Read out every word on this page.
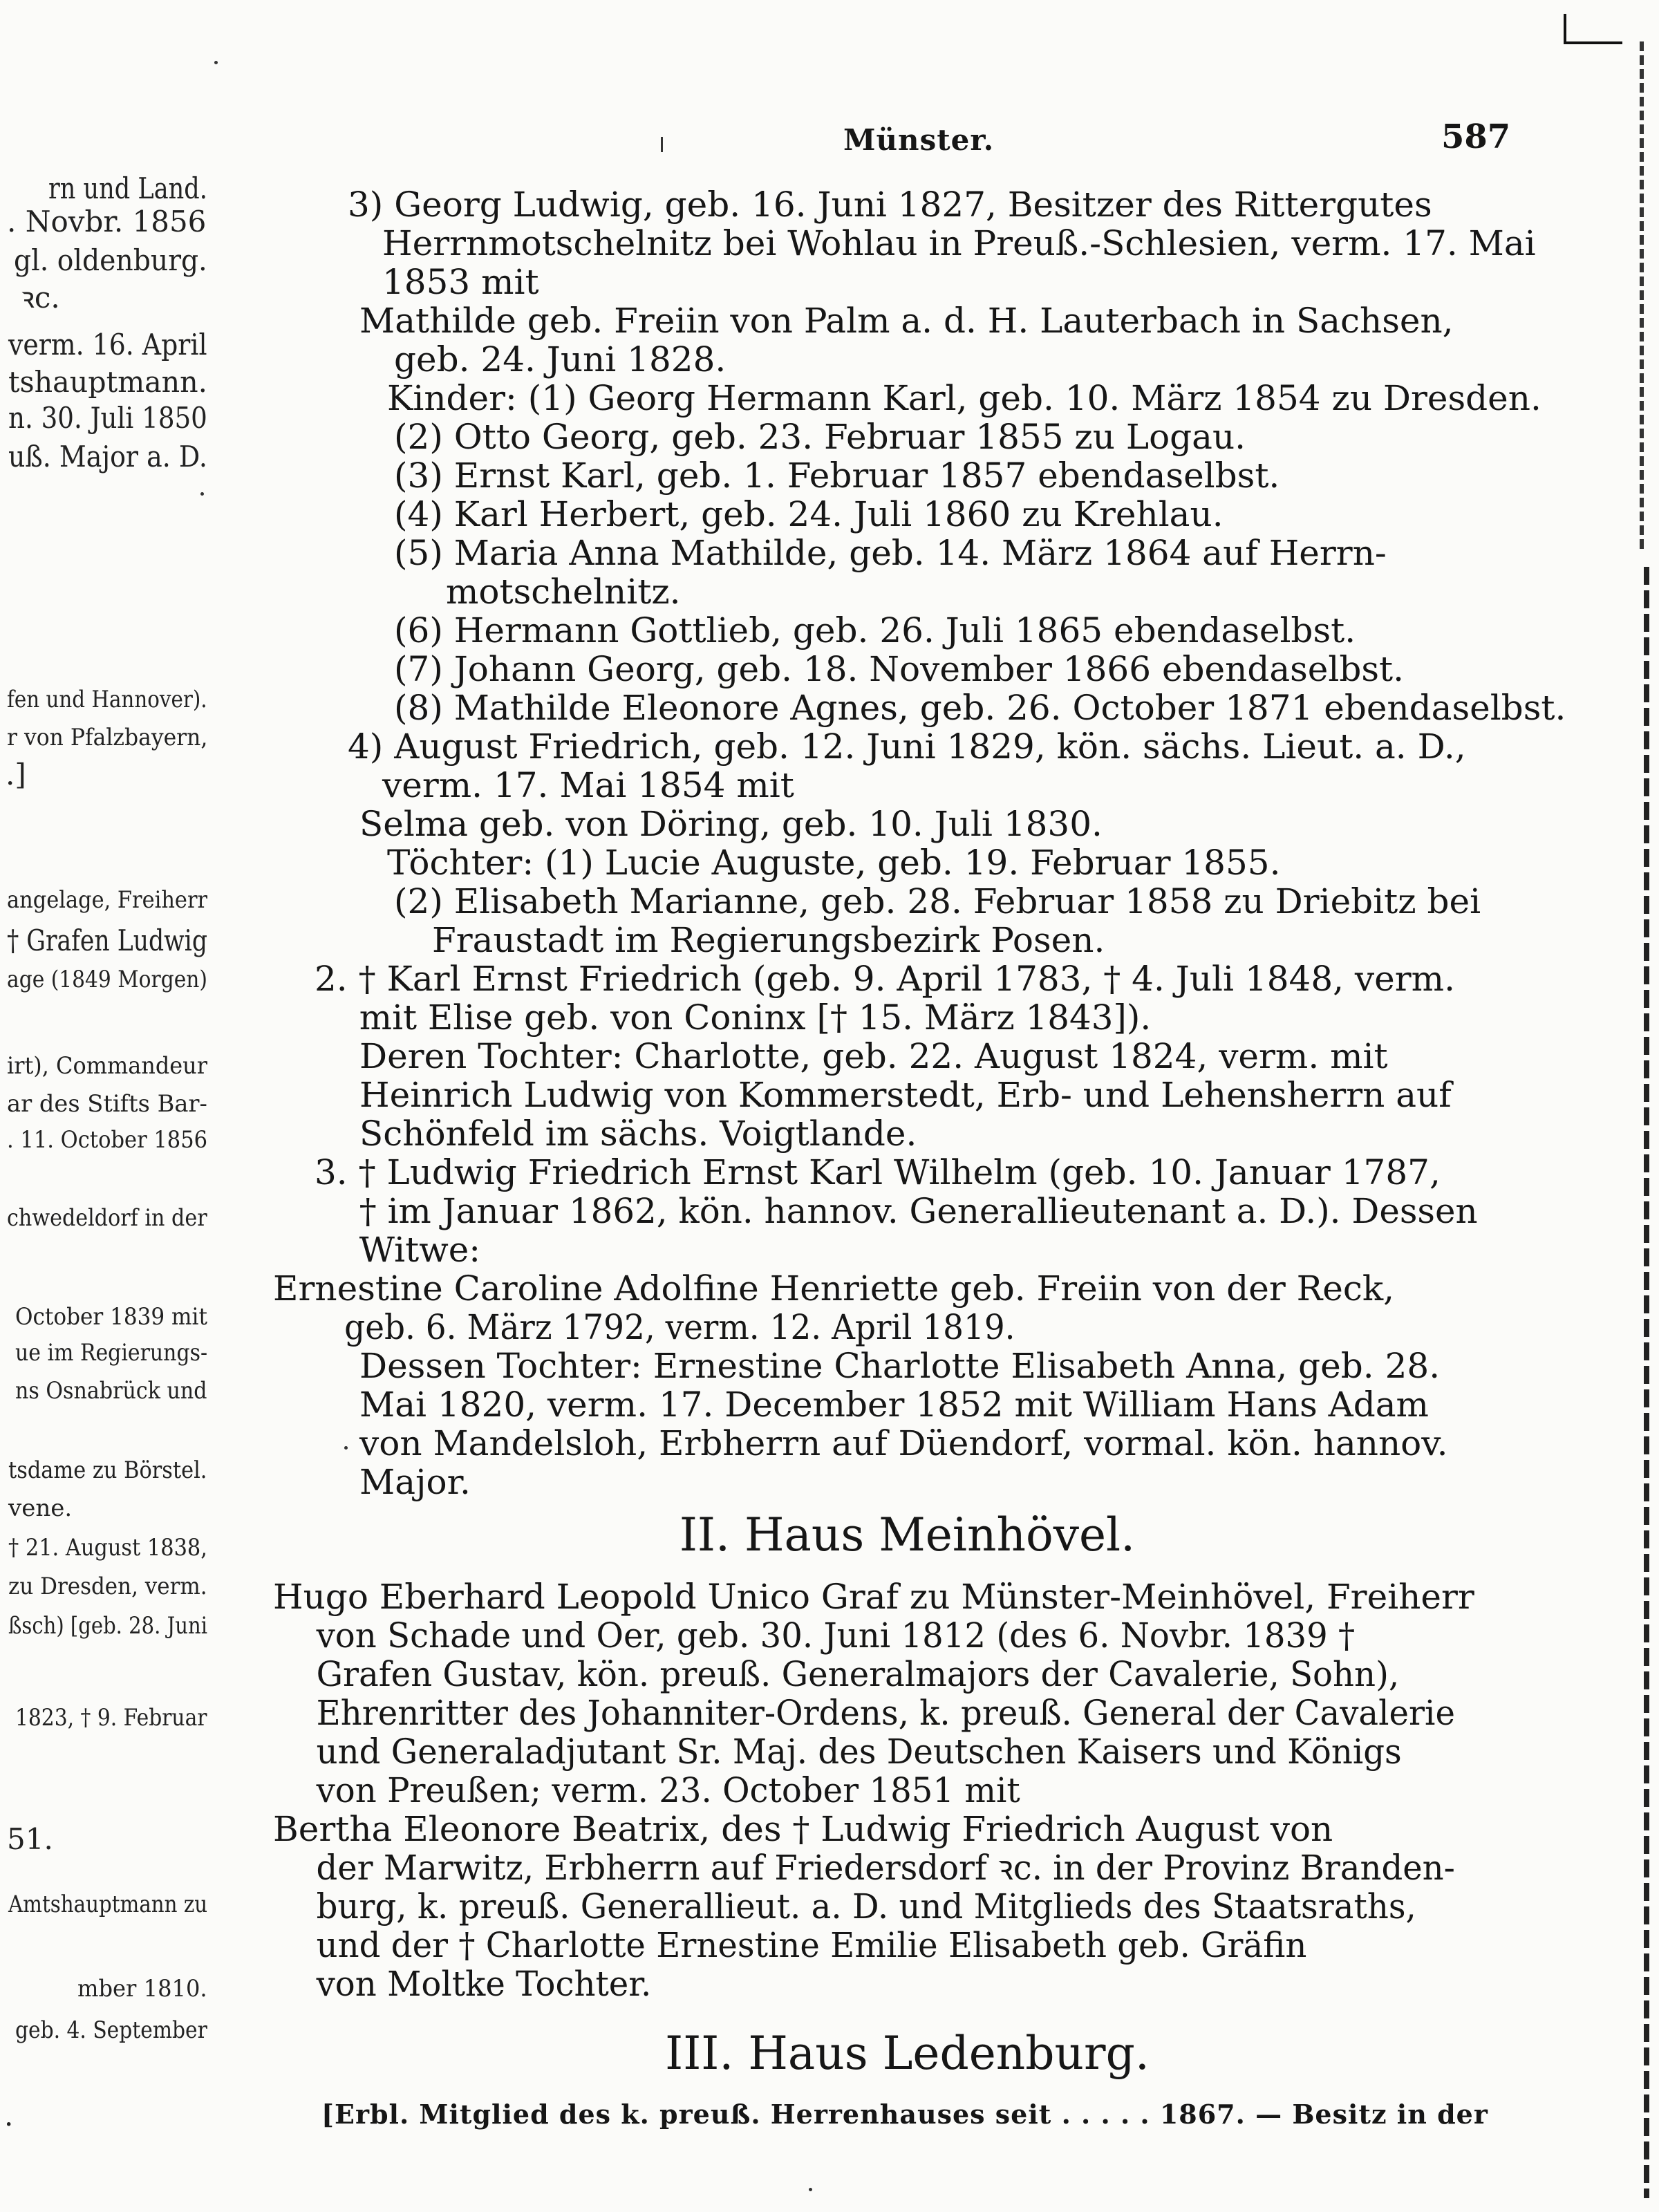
rn und Land.
. Novbr. 1856
gl. oldenburg.
ꝛc.
verm. 16. April
tshauptmann.
n. 30. Juli 1850
uß. Major a. D.
fen und Hannover).
r von Pfalzbayern,
.]
angelage, Freiherr
† Grafen Ludwig
age (1849 Morgen)
irt), Commandeur
ar des Stifts Bar-
. 11. October 1856
chwedeldorf in der
October 1839 mit
ue im Regierungs-
ns Osnabrück und
tsdame zu Börstel.
vene.
† 21. August 1838,
zu Dresden, verm.
ßsch) [geb. 28. Juni
1823, † 9. Februar
51.
Amtshauptmann zu
mber 1810.
geb. 4. September
.
Münster.	587
3) Georg Ludwig, geb. 16. Juni 1827, Besitzer des Rittergutes
Herrnmotschelnitz bei Wohlau in Preuß.-Schlesien, verm. 17. Mai
1853 mit
Mathilde geb. Freiin von Palm a. d. H. Lauterbach in Sachsen,
geb. 24. Juni 1828.
Kinder: (1) Georg Hermann Karl, geb. 10. März 1854 zu Dresden.
(2) Otto Georg, geb. 23. Februar 1855 zu Logau.
(3) Ernst Karl, geb. 1. Februar 1857 ebendaselbst.
(4) Karl Herbert, geb. 24. Juli 1860 zu Krehlau.
(5) Maria Anna Mathilde, geb. 14. März 1864 auf Herrn-
motschelnitz.
(6) Hermann Gottlieb, geb. 26. Juli 1865 ebendaselbst.
(7) Johann Georg, geb. 18. November 1866 ebendaselbst.
(8) Mathilde Eleonore Agnes, geb. 26. October 1871 ebendaselbst.
4) August Friedrich, geb. 12. Juni 1829, kön. sächs. Lieut. a. D.,
verm. 17. Mai 1854 mit
Selma geb. von Döring, geb. 10. Juli 1830.
Töchter: (1) Lucie Auguste, geb. 19. Februar 1855.
(2) Elisabeth Marianne, geb. 28. Februar 1858 zu Driebitz bei
Fraustadt im Regierungsbezirk Posen.
2. † Karl Ernst Friedrich (geb. 9. April 1783, † 4. Juli 1848, verm.
mit Elise geb. von Coninx [† 15. März 1843]).
Deren Tochter: Charlotte, geb. 22. August 1824, verm. mit
Heinrich Ludwig von Kommerstedt, Erb- und Lehensherrn auf
Schönfeld im sächs. Voigtlande.
3. † Ludwig Friedrich Ernst Karl Wilhelm (geb. 10. Januar 1787,
† im Januar 1862, kön. hannov. Generallieutenant a. D.). Dessen
Witwe:
Ernestine Caroline Adolfine Henriette geb. Freiin von der Reck,
geb. 6. März 1792, verm. 12. April 1819.
Dessen Tochter: Ernestine Charlotte Elisabeth Anna, geb. 28.
Mai 1820, verm. 17. December 1852 mit William Hans Adam
von Mandelsloh, Erbherrn auf Düendorf, vormal. kön. hannov.
Major.
II. Haus Meinhövel.
Hugo Eberhard Leopold Unico Graf zu Münster-Meinhövel, Freiherr
von Schade und Oer, geb. 30. Juni 1812 (des 6. Novbr. 1839 †
Grafen Gustav, kön. preuß. Generalmajors der Cavalerie, Sohn),
Ehrenritter des Johanniter-Ordens, k. preuß. General der Cavalerie
und Generaladjutant Sr. Maj. des Deutschen Kaisers und Königs
von Preußen; verm. 23. October 1851 mit
Bertha Eleonore Beatrix, des † Ludwig Friedrich August von
der Marwitz, Erbherrn auf Friedersdorf ꝛc. in der Provinz Branden-
burg, k. preuß. Generallieut. a. D. und Mitglieds des Staatsraths,
und der † Charlotte Ernestine Emilie Elisabeth geb. Gräfin
von Moltke Tochter.
III. Haus Ledenburg.
[Erbl. Mitglied des k. preuß. Herrenhauses seit . . . . . 1867. — Besitz in der
